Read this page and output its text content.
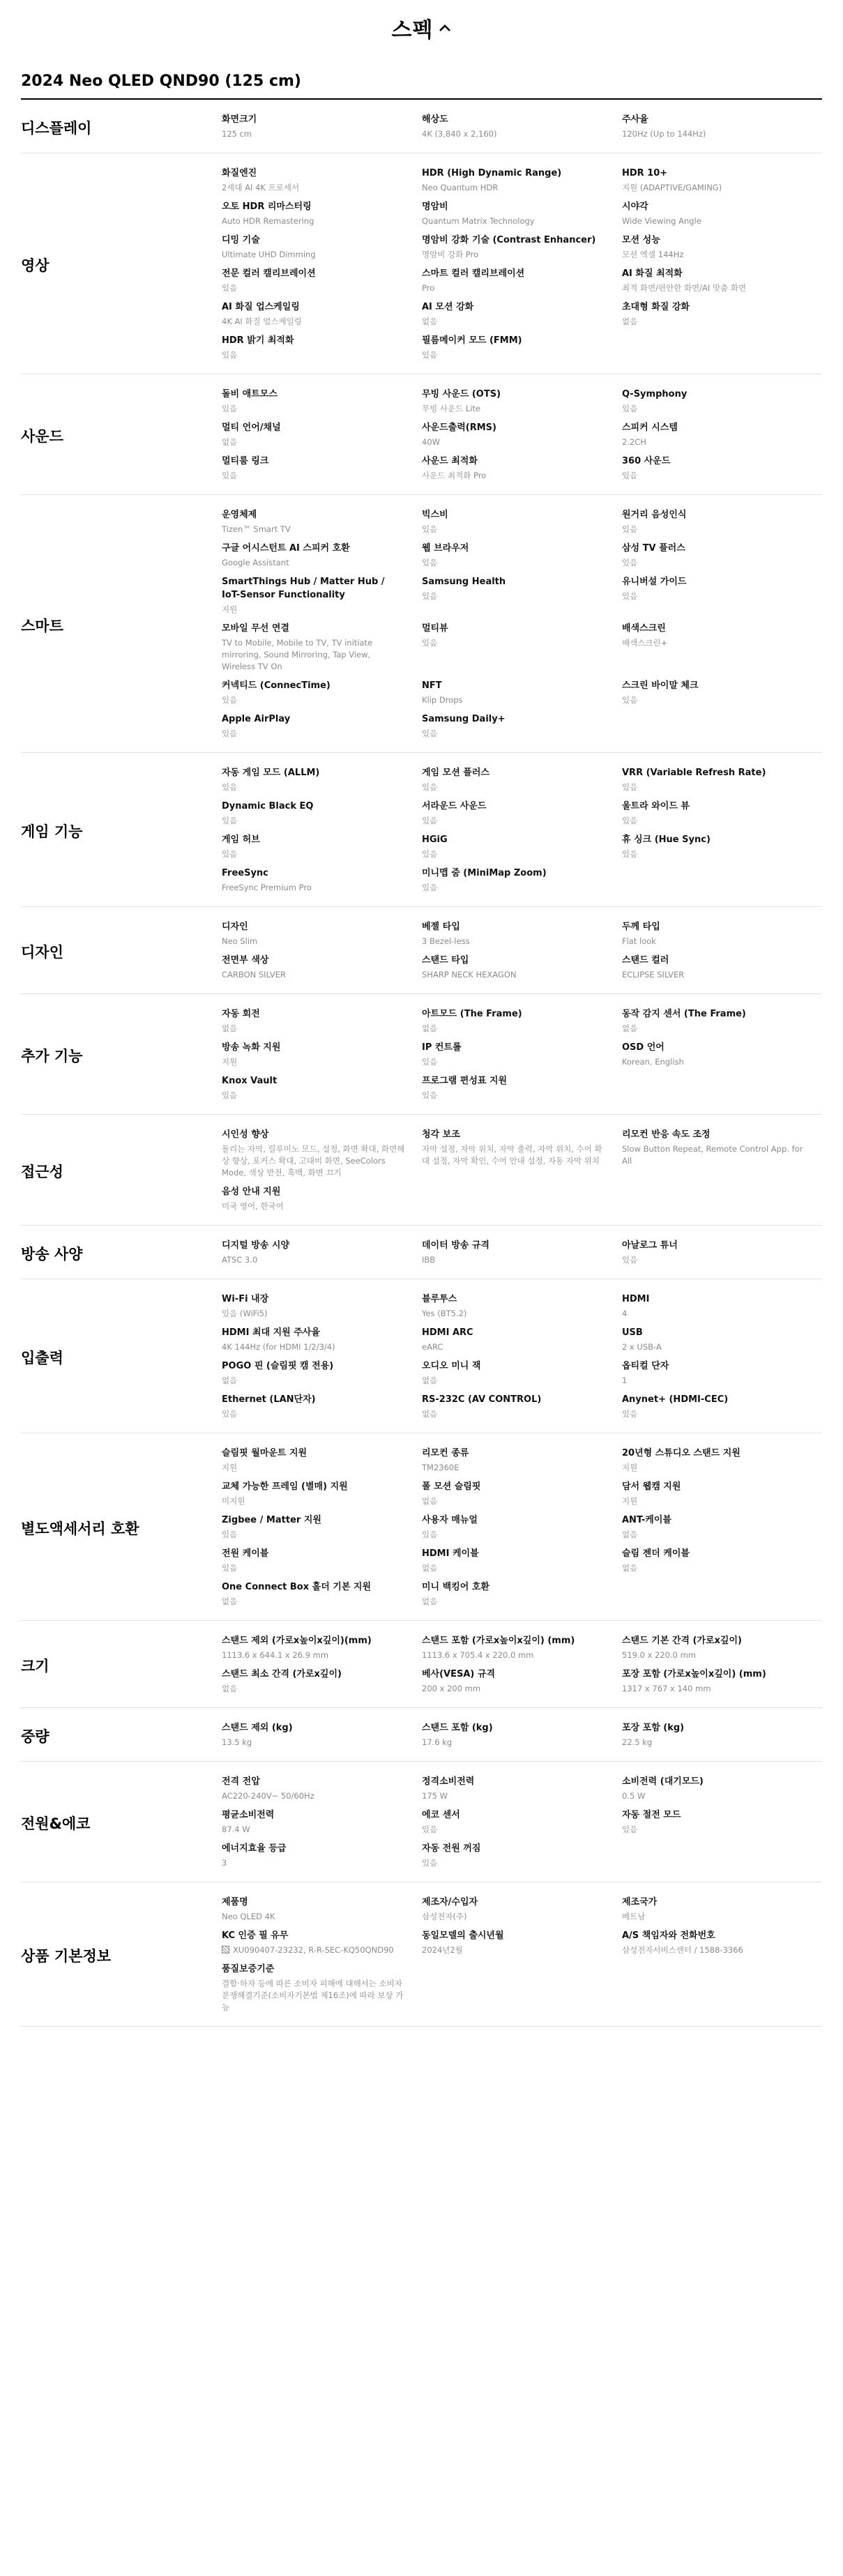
스펙
2024 Neo QLED QND90 (125 cm)
디스플레이
화면크기
125 cm
해상도
4K (3,840 x 2,160)
주사율
120Hz (Up to 144Hz)
영상
화질엔진
2세대 AI 4K 프로세서
HDR (High Dynamic Range)
Neo Quantum HDR
HDR 10+
지원 (ADAPTIVE/GAMING)
오토 HDR 리마스터링
Auto HDR Remastering
명암비
Quantum Matrix Technology
시야각
Wide Viewing Angle
디밍 기술
Ultimate UHD Dimming
명암비 강화 기술 (Contrast Enhancer)
명암비 강화 Pro
모션 성능
모션 엑셀 144Hz
전문 컬러 캘리브레이션
있음
스마트 컬러 캘리브레이션
Pro
AI 화질 최적화
최적 화면/편안한 화면/AI 맞춤 화면
AI 화질 업스케일링
4K AI 화질 업스케일링
AI 모션 강화
없음
초대형 화질 강화
없음
HDR 밝기 최적화
있음
필름메이커 모드 (FMM)
있음
사운드
돌비 애트모스
있음
무빙 사운드 (OTS)
무빙 사운드 Lite
Q-Symphony
있음
멀티 언어/채널
없음
사운드출력(RMS)
40W
스피커 시스템
2.2CH
멀티룸 링크
있음
사운드 최적화
사운드 최적화 Pro
360 사운드
있음
스마트
운영체제
Tizen™ Smart TV
빅스비
있음
원거리 음성인식
있음
구글 어시스턴트 AI 스피커 호환
Google Assistant
웹 브라우저
있음
삼성 TV 플러스
있음
SmartThings Hub / Matter Hub / IoT-Sensor Functionality
지원
Samsung Health
있음
유니버설 가이드
있음
모바일 무선 연결
TV to Mobile, Mobile to TV, TV initiate mirroring, Sound Mirroring, Tap View, Wireless TV On
멀티뷰
있음
배색스크린
배색스크린+
커넥티드 (ConnecTime)
있음
NFT
Klip Drops
스크린 바이말 체크
있음
Apple AirPlay
있음
Samsung Daily+
있음
게임 기능
자동 게임 모드 (ALLM)
있음
게임 모션 플러스
있음
VRR (Variable Refresh Rate)
있음
Dynamic Black EQ
있음
서라운드 사운드
있음
울트라 와이드 뷰
있음
게임 허브
있음
HGiG
있음
휴 싱크 (Hue Sync)
있음
FreeSync
FreeSync Premium Pro
미니맵 줌 (MiniMap Zoom)
있음
디자인
디자인
Neo Slim
베젤 타입
3 Bezel-less
두께 타입
Flat look
전면부 색상
CARBON SILVER
스탠드 타입
SHARP NECK HEXAGON
스탠드 컬러
ECLIPSE SILVER
추가 기능
자동 회전
없음
아트모드 (The Frame)
없음
동작 감지 센서 (The Frame)
없음
방송 녹화 지원
지원
IP 컨트롤
있음
OSD 언어
Korean, English
Knox Vault
있음
프로그램 편성표 지원
있음
접근성
시인성 향상
돌리는 자막, 릴루미노 모드, 설정, 화면 확대, 화면해상 향상, 포커스 확대, 고대비 화면, SeeColors Mode, 색상 반전, 흑백, 화면 끄기
청각 보조
자막 설정, 자막 위치, 자막 출력, 자막 위치, 수어 확대 설정, 자막 확인, 수어 안내 설정, 자동 자막 위치
리모컨 반응 속도 조정
Slow Button Repeat, Remote Control App. for All
음성 안내 지원
미국 영어, 한국어
방송 사양
디지털 방송 시양
ATSC 3.0
데이터 방송 규격
IBB
아날로그 튜너
있음
입출력
Wi-Fi 내장
있음 (WiFi5)
블루투스
Yes (BT5.2)
HDMI
4
HDMI 최대 지원 주사율
4K 144Hz (for HDMI 1/2/3/4)
HDMI ARC
eARC
USB
2 x USB-A
POGO 핀 (슬림핏 캠 전용)
없음
오디오 미니 잭
없음
옵티컬 단자
1
Ethernet (LAN단자)
있음
RS-232C (AV CONTROL)
없음
Anynet+ (HDMI-CEC)
있음
별도액세서리 호환
슬림핏 월마운트 지원
지원
리모컨 종류
TM2360E
20년형 스튜디오 스탠드 지원
지원
교체 가능한 프레임 (별매) 지원
미지원
폴 모션 슬림핏
없음
담서 웹캠 지원
지원
Zigbee / Matter 지원
있음
사용자 매뉴얼
있음
ANT-케이블
없음
전원 케이블
있음
HDMI 케이블
없음
슬림 젠더 케이블
없음
One Connect Box 홀더 기본 지원
없음
미니 백킹어 호환
없음
크기
스탠드 제외 (가로x높이x깊이)(mm)
1113.6 x 644.1 x 26.9 mm
스탠드 포함 (가로x높이x깊이) (mm)
1113.6 x 705.4 x 220.0 mm
스탠드 기본 간격 (가로x깊이)
519.0 x 220.0 mm
스탠드 최소 간격 (가로x깊이)
없음
베사(VESA) 규격
200 x 200 mm
포장 포함 (가로x높이x깊이) (mm)
1317 x 767 x 140 mm
중량
스탠드 제외 (kg)
13.5 kg
스탠드 포함 (kg)
17.6 kg
포장 포함 (kg)
22.5 kg
전원&에코
전격 전압
AC220-240V~ 50/60Hz
정격소비전력
175 W
소비전력 (대기모드)
0.5 W
평균소비전력
87.4 W
에코 센서
있음
자동 절전 모드
있음
에너지효율 등급
3
자동 전원 꺼짐
있음
상품 기본정보
제품명
Neo QLED 4K
제조자/수입자
삼성전자(주)
제조국가
베트남
KC 인증 필 유무
XU090407-23232, R-R-SEC-KQ50QND90
동일모델의 출시년월
2024년2월
A/S 책임자와 전화번호
삼성전자서비스센터 / 1588-3366
품질보증기준
결함·하자 등에 따른 소비자 피해에 대해서는 소비자분쟁해결기준(소비자기본법 제16조)에 따라 보상 가능
